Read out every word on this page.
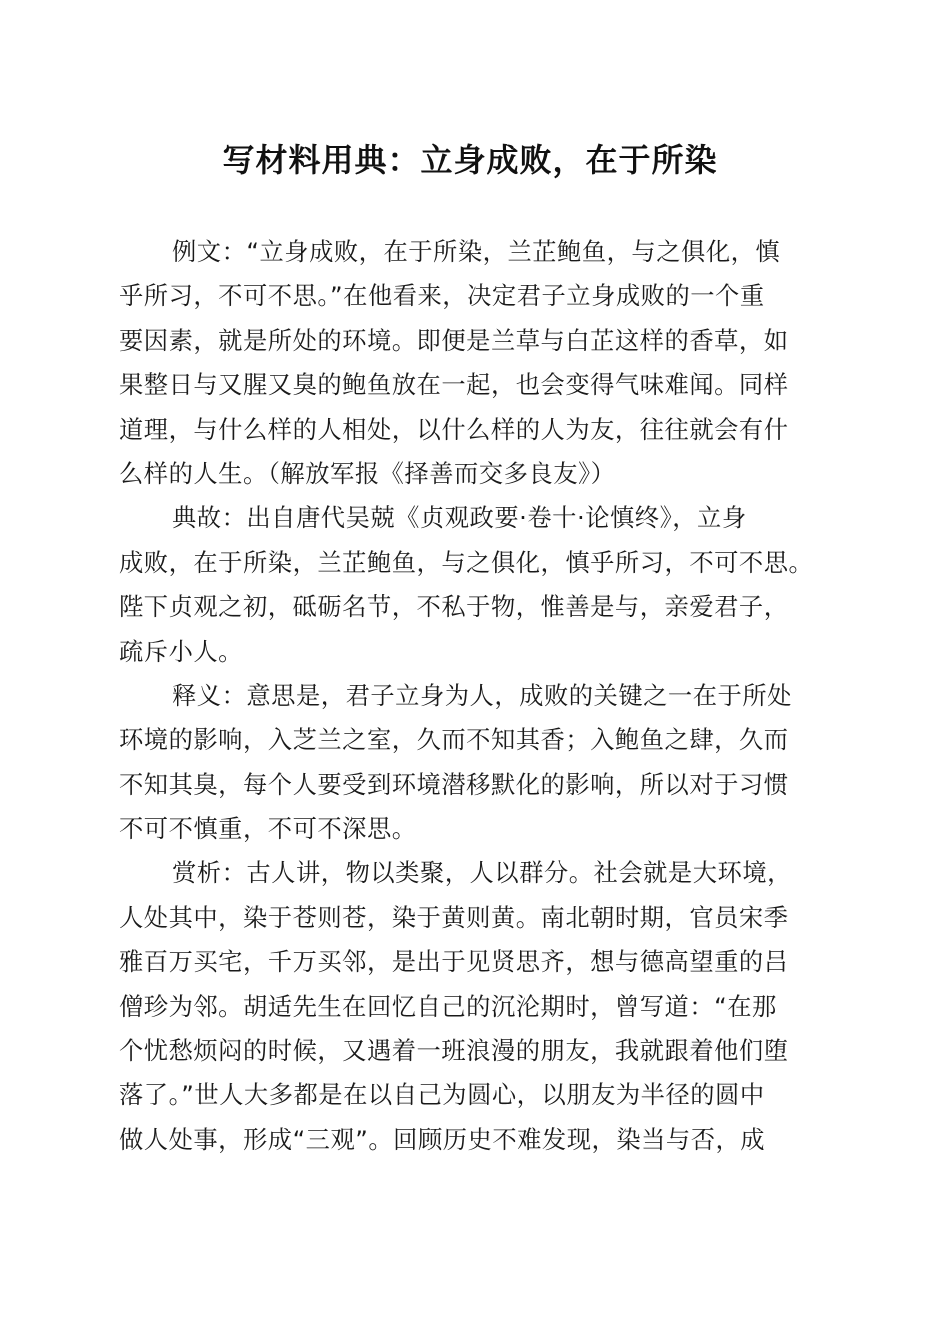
写材料用典：立身成败，在于所染

例文：“立身成败，在于所染，兰芷鲍鱼，与之俱化，慎
乎所习，不可不思。”在他看来，决定君子立身成败的一个重
要因素，就是所处的环境。即便是兰草与白芷这样的香草，如
果整日与又腥又臭的鲍鱼放在一起，也会变得气味难闻。同样
道理，与什么样的人相处，以什么样的人为友，往往就会有什
么样的人生。（解放军报《择善而交多良友》）

典故：出自唐代吴兢《贞观政要·卷十·论慎终》，立身
成败，在于所染，兰芷鲍鱼，与之俱化，慎乎所习，不可不思。
陛下贞观之初，砥砺名节，不私于物，惟善是与，亲爱君子，
疏斥小人。

释义：意思是，君子立身为人，成败的关键之一在于所处
环境的影响，入芝兰之室，久而不知其香；入鲍鱼之肆，久而
不知其臭，每个人要受到环境潜移默化的影响，所以对于习惯
不可不慎重，不可不深思。

赏析：古人讲，物以类聚，人以群分。社会就是大环境，
人处其中，染于苍则苍，染于黄则黄。南北朝时期，官员宋季
雅百万买宅，千万买邻，是出于见贤思齐，想与德高望重的吕
僧珍为邻。胡适先生在回忆自己的沉沦期时，曾写道：“在那
个忧愁烦闷的时候，又遇着一班浪漫的朋友，我就跟着他们堕
落了。”世人大多都是在以自己为圆心，以朋友为半径的圆中
做人处事，形成“三观”。回顾历史不难发现，染当与否，成
